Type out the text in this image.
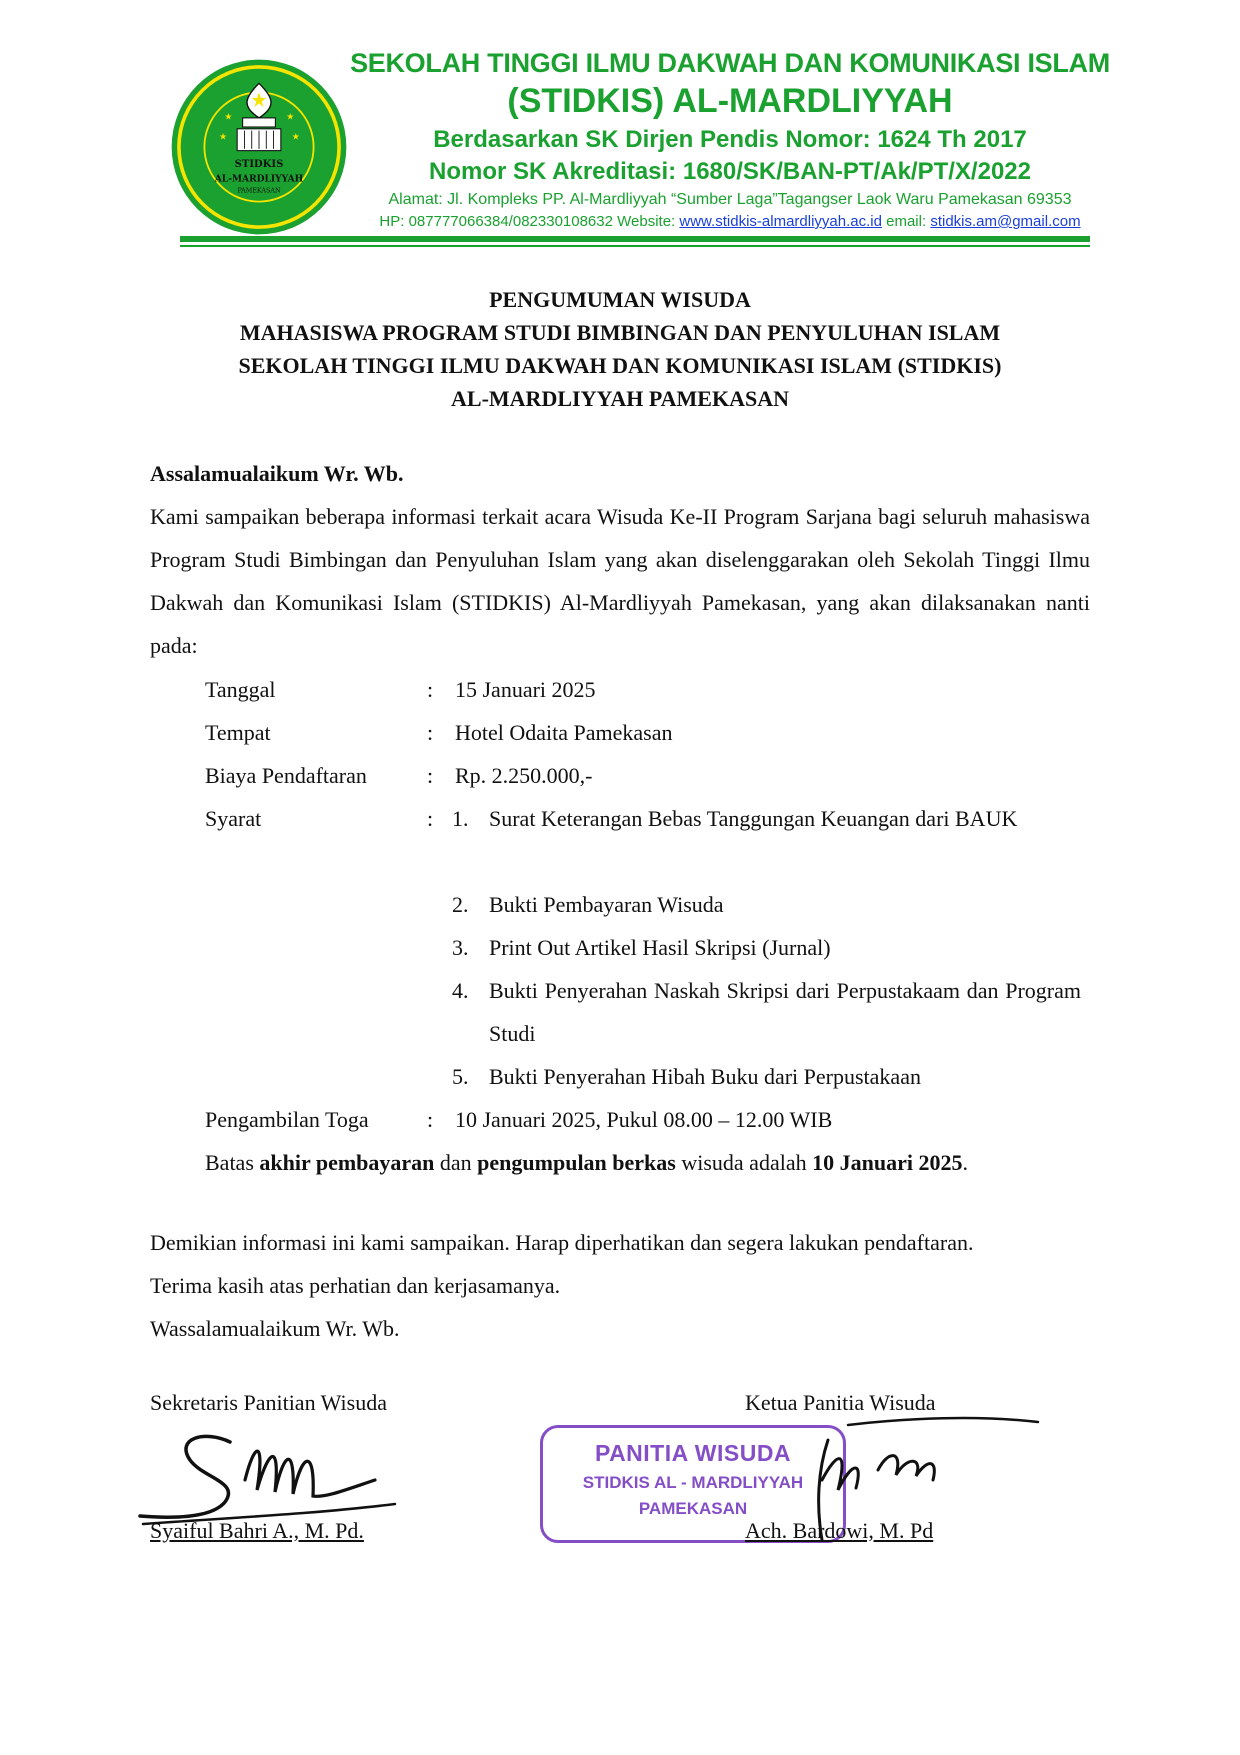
★	★
★	★
STIDKIS
AL-MARDLIYYAH
PAMEKASAN
SEKOLAH TINGGI ILMU DAKWAH DAN KOMUNIKASI ISLAM
(STIDKIS) AL-MARDLIYYAH
Berdasarkan SK Dirjen Pendis Nomor: 1624 Th 2017
Nomor SK Akreditasi: 1680/SK/BAN-PT/Ak/PT/X/2022
Alamat: Jl. Kompleks PP. Al-Mardliyyah “Sumber Laga”Tagangser Laok Waru Pamekasan 69353
HP: 087777066384/082330108632 Website: www.stidkis-almardliyyah.ac.id email: stidkis.am@gmail.com
PENGUMUMAN WISUDA
MAHASISWA PROGRAM STUDI BIMBINGAN DAN PENYULUHAN ISLAM
SEKOLAH TINGGI ILMU DAKWAH DAN KOMUNIKASI ISLAM (STIDKIS)
AL-MARDLIYYAH PAMEKASAN
Assalamualaikum Wr. Wb.
Kami sampaikan beberapa informasi terkait acara Wisuda Ke-II Program Sarjana bagi seluruh mahasiswa Program Studi Bimbingan dan Penyuluhan Islam yang akan diselenggarakan oleh Sekolah Tinggi Ilmu Dakwah dan Komunikasi Islam (STIDKIS) Al-Mardliyyah Pamekasan, yang akan dilaksanakan nanti pada:
Tanggal	: 15 Januari 2025
Tempat	: Hotel Odaita Pamekasan
Biaya Pendaftaran	: Rp. 2.250.000,-
Syarat	: 1. Surat Keterangan Bebas Tanggungan Keuangan dari BAUK
2. Bukti Pembayaran Wisuda
3. Print Out Artikel Hasil Skripsi (Jurnal)
4. Bukti Penyerahan Naskah Skripsi dari Perpustakaam dan Program Studi
5. Bukti Penyerahan Hibah Buku dari Perpustakaan
Pengambilan Toga	: 10 Januari 2025, Pukul 08.00 – 12.00 WIB
Batas akhir pembayaran dan pengumpulan berkas wisuda adalah 10 Januari 2025.
Demikian informasi ini kami sampaikan. Harap diperhatikan dan segera lakukan pendaftaran.
Terima kasih atas perhatian dan kerjasamanya.
Wassalamualaikum Wr. Wb.
Sekretaris Panitian Wisuda	Ketua Panitia Wisuda
PANITIA WISUDA
STIDKIS AL - MARDLIYYAH
PAMEKASAN
Syaiful Bahri A., M. Pd.	Ach. Bardowi, M. Pd
